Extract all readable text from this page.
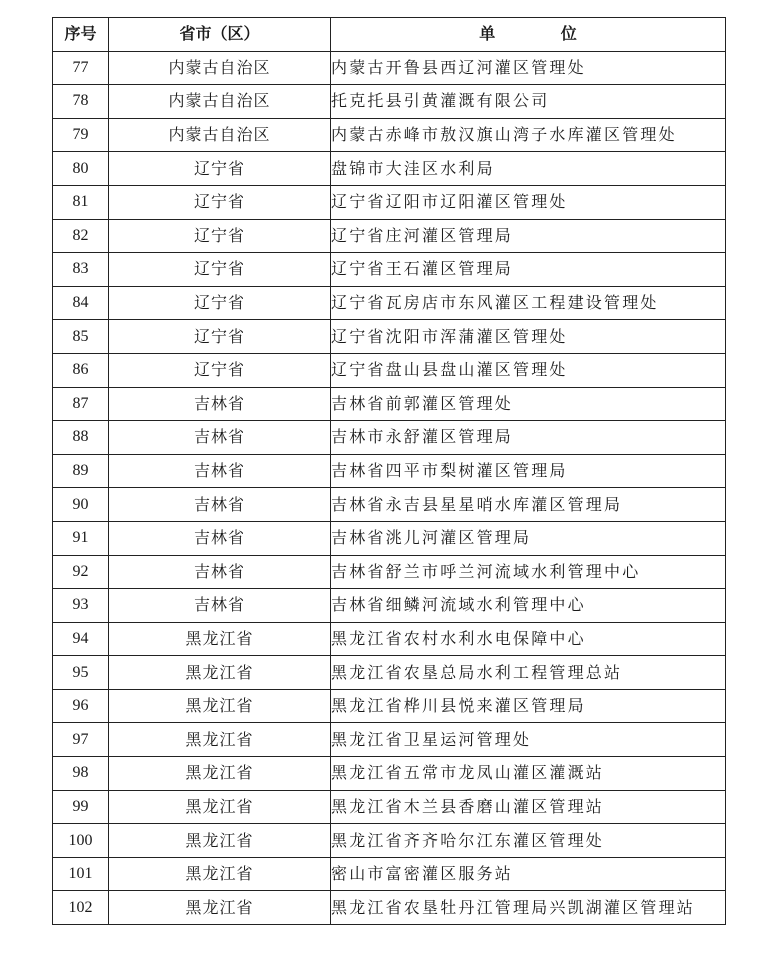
序号	省市（区）	单 位
77	内蒙古自治区	内蒙古开鲁县西辽河灌区管理处
78	内蒙古自治区	托克托县引黄灌溉有限公司
79	内蒙古自治区	内蒙古赤峰市敖汉旗山湾子水库灌区管理处
80	辽宁省	盘锦市大洼区水利局
81	辽宁省	辽宁省辽阳市辽阳灌区管理处
82	辽宁省	辽宁省庄河灌区管理局
83	辽宁省	辽宁省王石灌区管理局
84	辽宁省	辽宁省瓦房店市东风灌区工程建设管理处
85	辽宁省	辽宁省沈阳市浑蒲灌区管理处
86	辽宁省	辽宁省盘山县盘山灌区管理处
87	吉林省	吉林省前郭灌区管理处
88	吉林省	吉林市永舒灌区管理局
89	吉林省	吉林省四平市梨树灌区管理局
90	吉林省	吉林省永吉县星星哨水库灌区管理局
91	吉林省	吉林省洮儿河灌区管理局
92	吉林省	吉林省舒兰市呼兰河流域水利管理中心
93	吉林省	吉林省细鳞河流域水利管理中心
94	黑龙江省	黑龙江省农村水利水电保障中心
95	黑龙江省	黑龙江省农垦总局水利工程管理总站
96	黑龙江省	黑龙江省桦川县悦来灌区管理局
97	黑龙江省	黑龙江省卫星运河管理处
98	黑龙江省	黑龙江省五常市龙凤山灌区灌溉站
99	黑龙江省	黑龙江省木兰县香磨山灌区管理站
100	黑龙江省	黑龙江省齐齐哈尔江东灌区管理处
101	黑龙江省	密山市富密灌区服务站
102	黑龙江省	黑龙江省农垦牡丹江管理局兴凯湖灌区管理站
